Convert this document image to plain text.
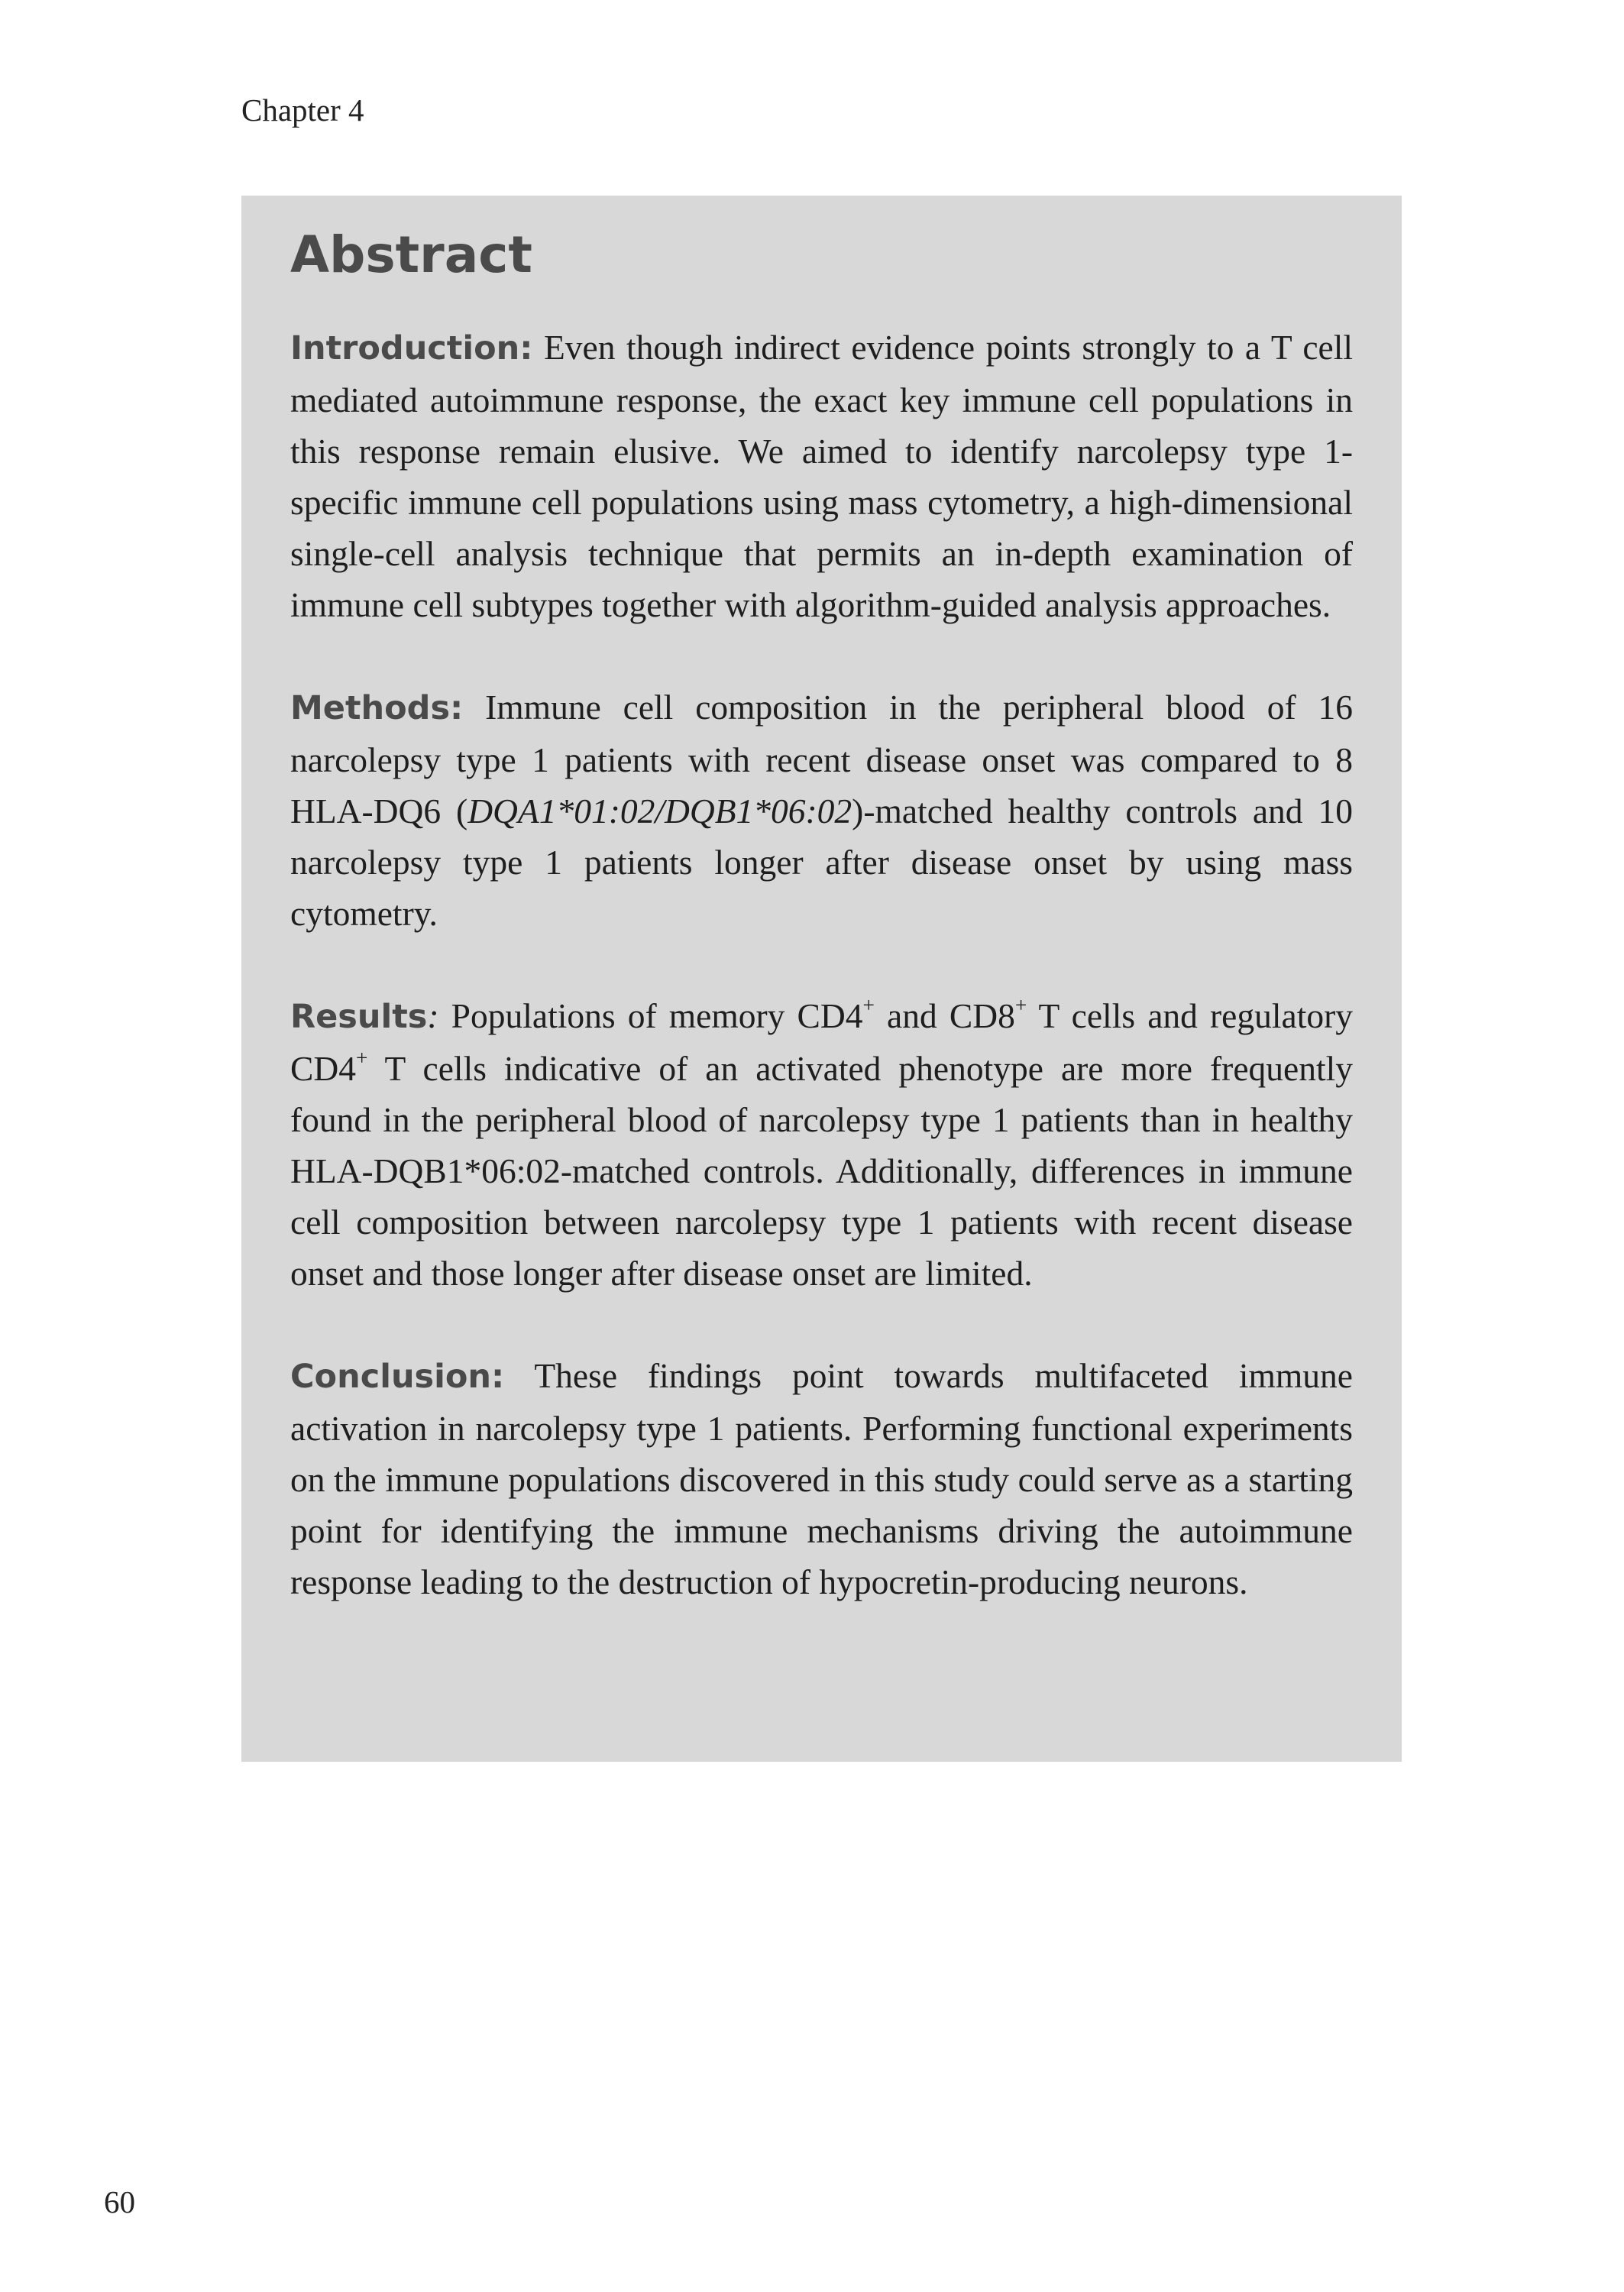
Chapter 4

Abstract

Introduction: Even though indirect evidence points strongly to a T cell mediated autoimmune response, the exact key immune cell populations in this response remain elusive. We aimed to identify narcolepsy type 1-specific immune cell populations using mass cytometry, a high-dimensional single-cell analysis technique that permits an in-depth examination of immune cell subtypes together with algorithm-guided analysis approaches.

Methods: Immune cell composition in the peripheral blood of 16 narcolepsy type 1 patients with recent disease onset was compared to 8 HLA-DQ6 (DQA1*01:02/DQB1*06:02)-matched healthy controls and 10 narcolepsy type 1 patients longer after disease onset by using mass cytometry.

Results: Populations of memory CD4+ and CD8+ T cells and regulatory CD4+ T cells indicative of an activated phenotype are more frequently found in the peripheral blood of narcolepsy type 1 patients than in healthy HLA-DQB1*06:02-matched controls. Additionally, differences in immune cell composition between narcolepsy type 1 patients with recent disease onset and those longer after disease onset are limited.

Conclusion: These findings point towards multifaceted immune activation in narcolepsy type 1 patients. Performing functional experiments on the immune populations discovered in this study could serve as a starting point for identifying the immune mechanisms driving the autoimmune response leading to the destruction of hypocretin-producing neurons.

60
